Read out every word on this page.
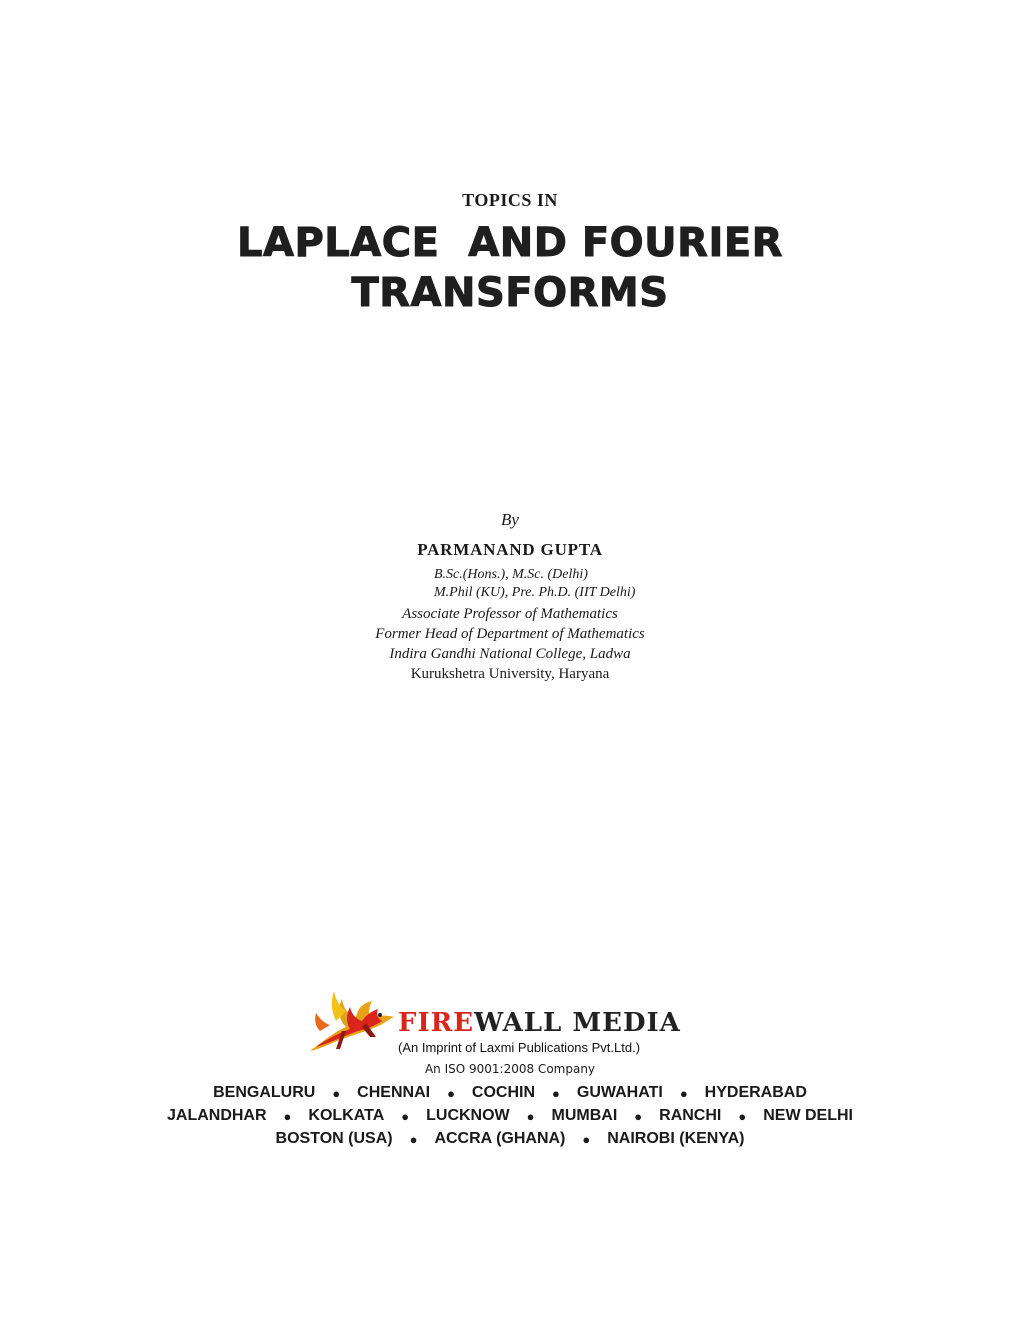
TOPICS IN
LAPLACE  AND FOURIER
TRANSFORMS
By
PARMANAND GUPTA
B.Sc.(Hons.), M.Sc. (Delhi)
M.Phil (KU), Pre. Ph.D. (IIT Delhi)
Associate Professor of Mathematics
Former Head of Department of Mathematics
Indira Gandhi National College, Ladwa
Kurukshetra University, Haryana
FIREWALL MEDIA
(An Imprint of Laxmi Publications Pvt.Ltd.)
An ISO 9001:2008 Company
BENGALURU	●	CHENNAI	●	COCHIN	●	GUWAHATI	●	HYDERABAD
JALANDHAR	●	KOLKATA	●	LUCKNOW	●	MUMBAI	●	RANCHI	●	NEW DELHI
BOSTON (USA)	●	ACCRA (GHANA)	●	NAIROBI (KENYA)
